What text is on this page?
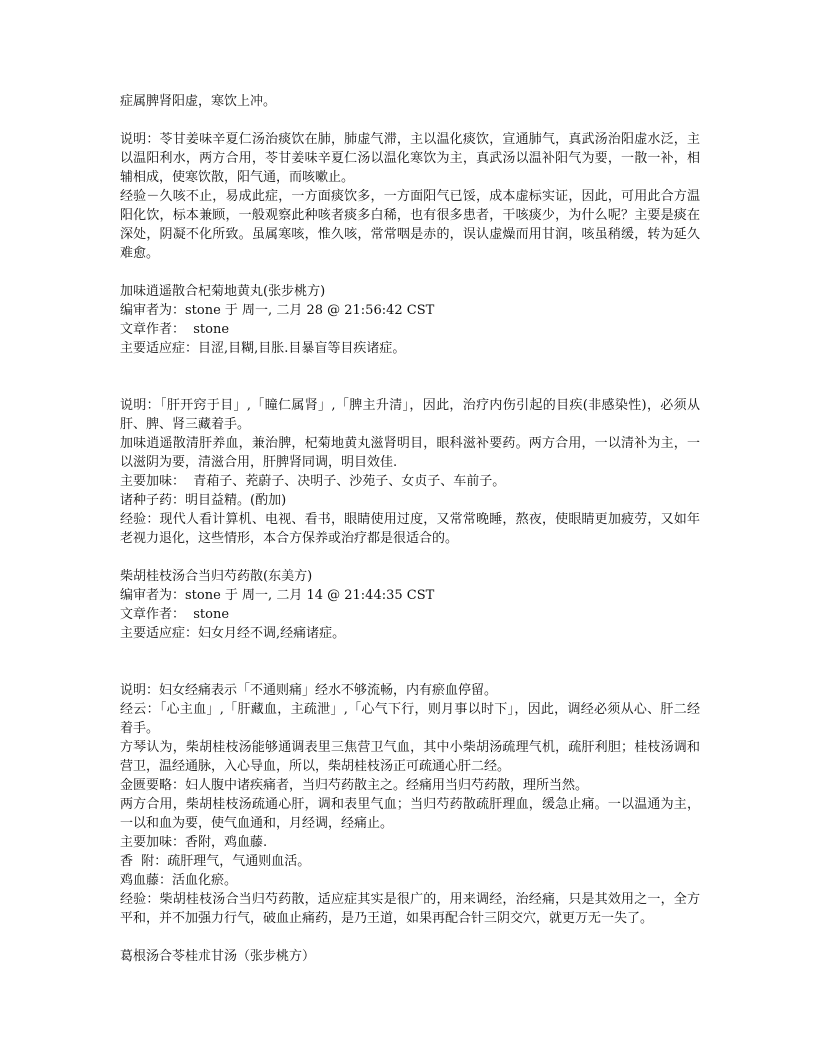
症属脾肾阳虚，寒饮上冲。
说明：苓甘姜味辛夏仁汤治痰饮在肺，肺虚气滞，主以温化痰饮，宣通肺气，真武汤治阳虚水泛，主以温阳利水，两方合用，苓甘姜味辛夏仁汤以温化寒饮为主，真武汤以温补阳气为要，一散一补，相辅相成，使寒饮散，阳气通，而咳嗽止。
经验－久咳不止，易成此症，一方面痰饮多，一方面阳气已馁，成本虚标实证，因此，可用此合方温阳化饮，标本兼顾，一般观察此种咳者痰多白稀，也有很多患者，干咳痰少，为什么呢？主要是痰在深处，阴凝不化所致。虽属寒咳，惟久咳，常常咽是赤的，误认虚燥而用甘润，咳虽稍缓，转为延久难愈。
加味逍遥散合杞菊地黄丸(张步桃方)
编审者为：stone 于 周一, 二月 28 @ 21:56:42 CST
文章作者：  stone
主要适应症：目涩,目糊,目胀.目暴盲等目疾诸症。
说明：「肝开窍于目」,「瞳仁属肾」,「脾主升清」，因此，治疗内伤引起的目疾(非感染性)，必须从肝、脾、肾三藏着手。
加味逍遥散清肝养血，兼治脾，杞菊地黄丸滋肾明目，眼科滋补要药。两方合用，一以清补为主，一以滋阴为要，清滋合用，肝脾肾同调，明目效佳.
主要加味：  青葙子、茺蔚子、决明子、沙苑子、女贞子、车前子。
诸种子药：明目益精。(酌加)
经验：现代人看计算机、电视、看书，眼睛使用过度，又常常晚睡，熬夜，使眼睛更加疲劳，又如年老视力退化，这些情形，本合方保养或治疗都是很适合的。
柴胡桂枝汤合当归芍药散(东美方)
编审者为：stone 于 周一, 二月 14 @ 21:44:35 CST
文章作者：  stone
主要适应症：妇女月经不调,经痛诸症。
说明：妇女经痛表示「不通则痛」经水不够流畅，内有瘀血停留。
经云：「心主血」,「肝藏血，主疏泄」,「心气下行，则月事以时下」，因此，调经必须从心、肝二经着手。
方琴认为，柴胡桂枝汤能够通调表里三焦营卫气血，其中小柴胡汤疏理气机，疏肝利胆；桂枝汤调和营卫，温经通脉，入心导血，所以，柴胡桂枝汤正可疏通心肝二经。
金匮要略：妇人腹中诸疾痛者，当归芍药散主之。经痛用当归芍药散，理所当然。
两方合用，柴胡桂枝汤疏通心肝，调和表里气血；当归芍药散疏肝理血，缓急止痛。一以温通为主，一以和血为要，使气血通和，月经调，经痛止。
主要加味：香附，鸡血藤.
香  附：疏肝理气，气通则血活。
鸡血藤：活血化瘀。
经验：柴胡桂枝汤合当归芍药散，适应症其实是很广的，用来调经，治经痛，只是其效用之一，全方平和，并不加强力行气，破血止痛药，是乃王道，如果再配合针三阴交穴，就更万无一失了。
葛根汤合苓桂朮甘汤（张步桃方）
